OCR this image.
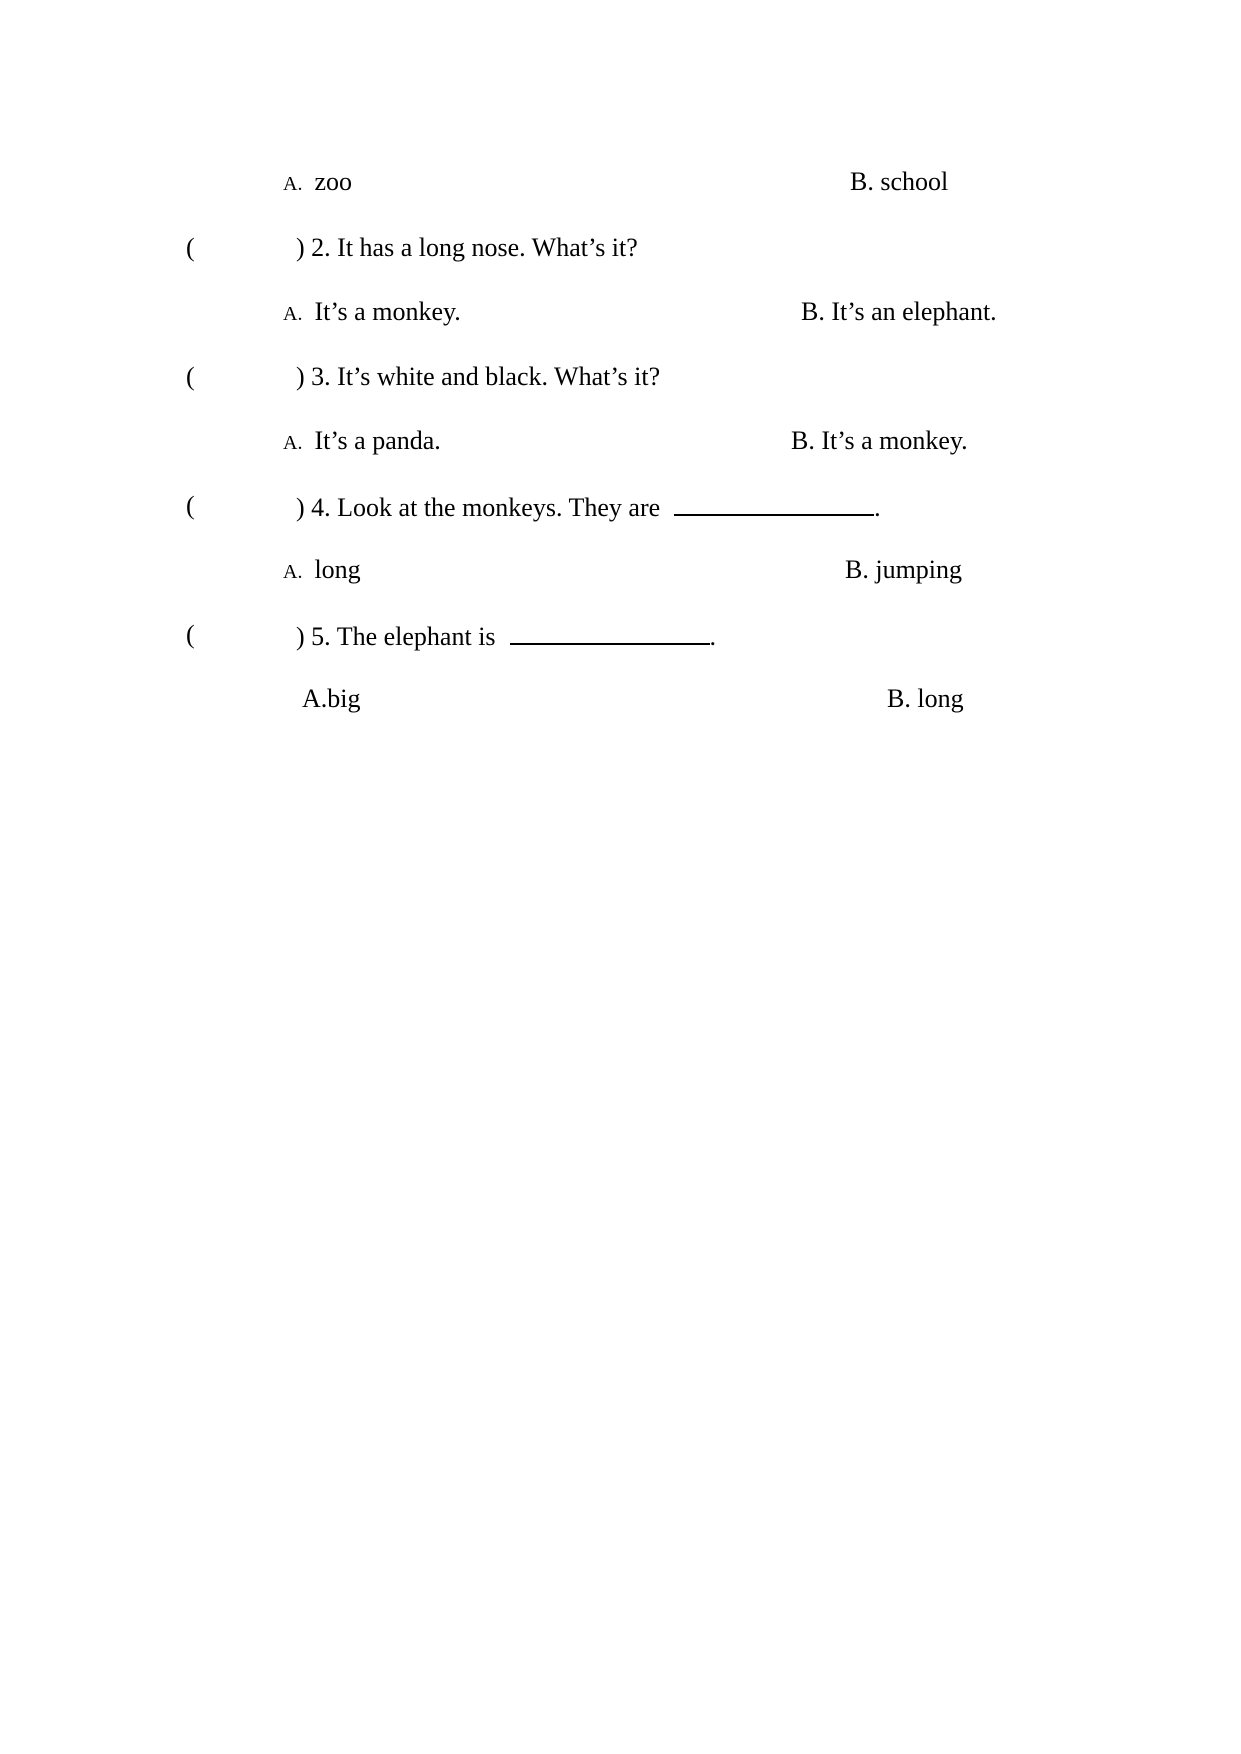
A. zoo	B. school
(	) 2. It has a long nose. What’s it?
A. It’s a monkey.	B. It’s an elephant.
(	) 3. It’s white and black. What’s it?
A. It’s a panda.	B. It’s a monkey.
(	) 4. Look at the monkeys. They are	.
A. long	B. jumping
(	) 5. The elephant is	.
A.big	B. long
